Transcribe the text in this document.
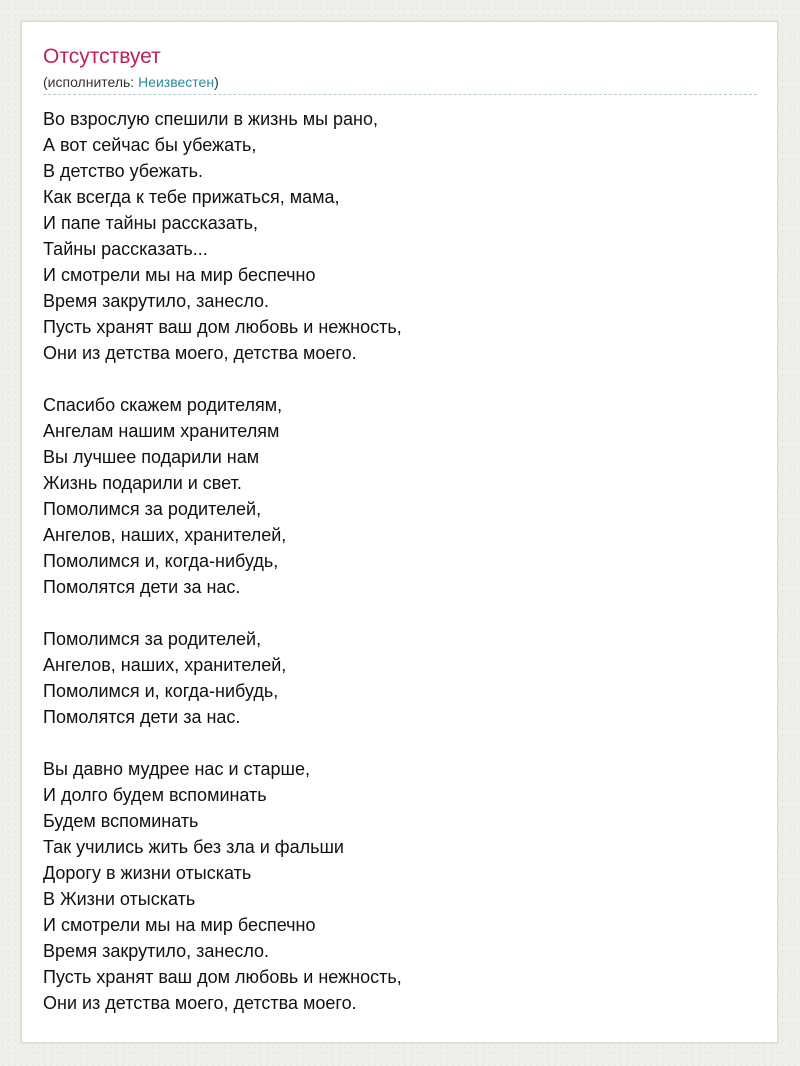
Отсутствует
(исполнитель: Неизвестен)
Во взрослую спешили в жизнь мы рано,
А вот сейчас бы убежать,
В детство убежать.
Как всегда к тебе прижаться, мама,
И папе тайны рассказать,
Тайны рассказать...
И смотрели мы на мир беспечно
Время закрутило, занесло.
Пусть хранят ваш дом любовь и нежность,
Они из детства моего, детства моего.
Спасибо скажем родителям,
Ангелам нашим хранителям
Вы лучшее подарили нам
Жизнь подарили и свет.
Помолимся за родителей,
Ангелов, наших, хранителей,
Помолимся и, когда-нибудь,
Помолятся дети за нас.
Помолимся за родителей,
Ангелов, наших, хранителей,
Помолимся и, когда-нибудь,
Помолятся дети за нас.
Вы давно мудрее нас и старше,
И долго будем вспоминать
Будем вспоминать
Так учились жить без зла и фальши
Дорогу в жизни отыскать
В Жизни отыскать
И смотрели мы на мир беспечно
Время закрутило, занесло.
Пусть хранят ваш дом любовь и нежность,
Они из детства моего, детства моего.
